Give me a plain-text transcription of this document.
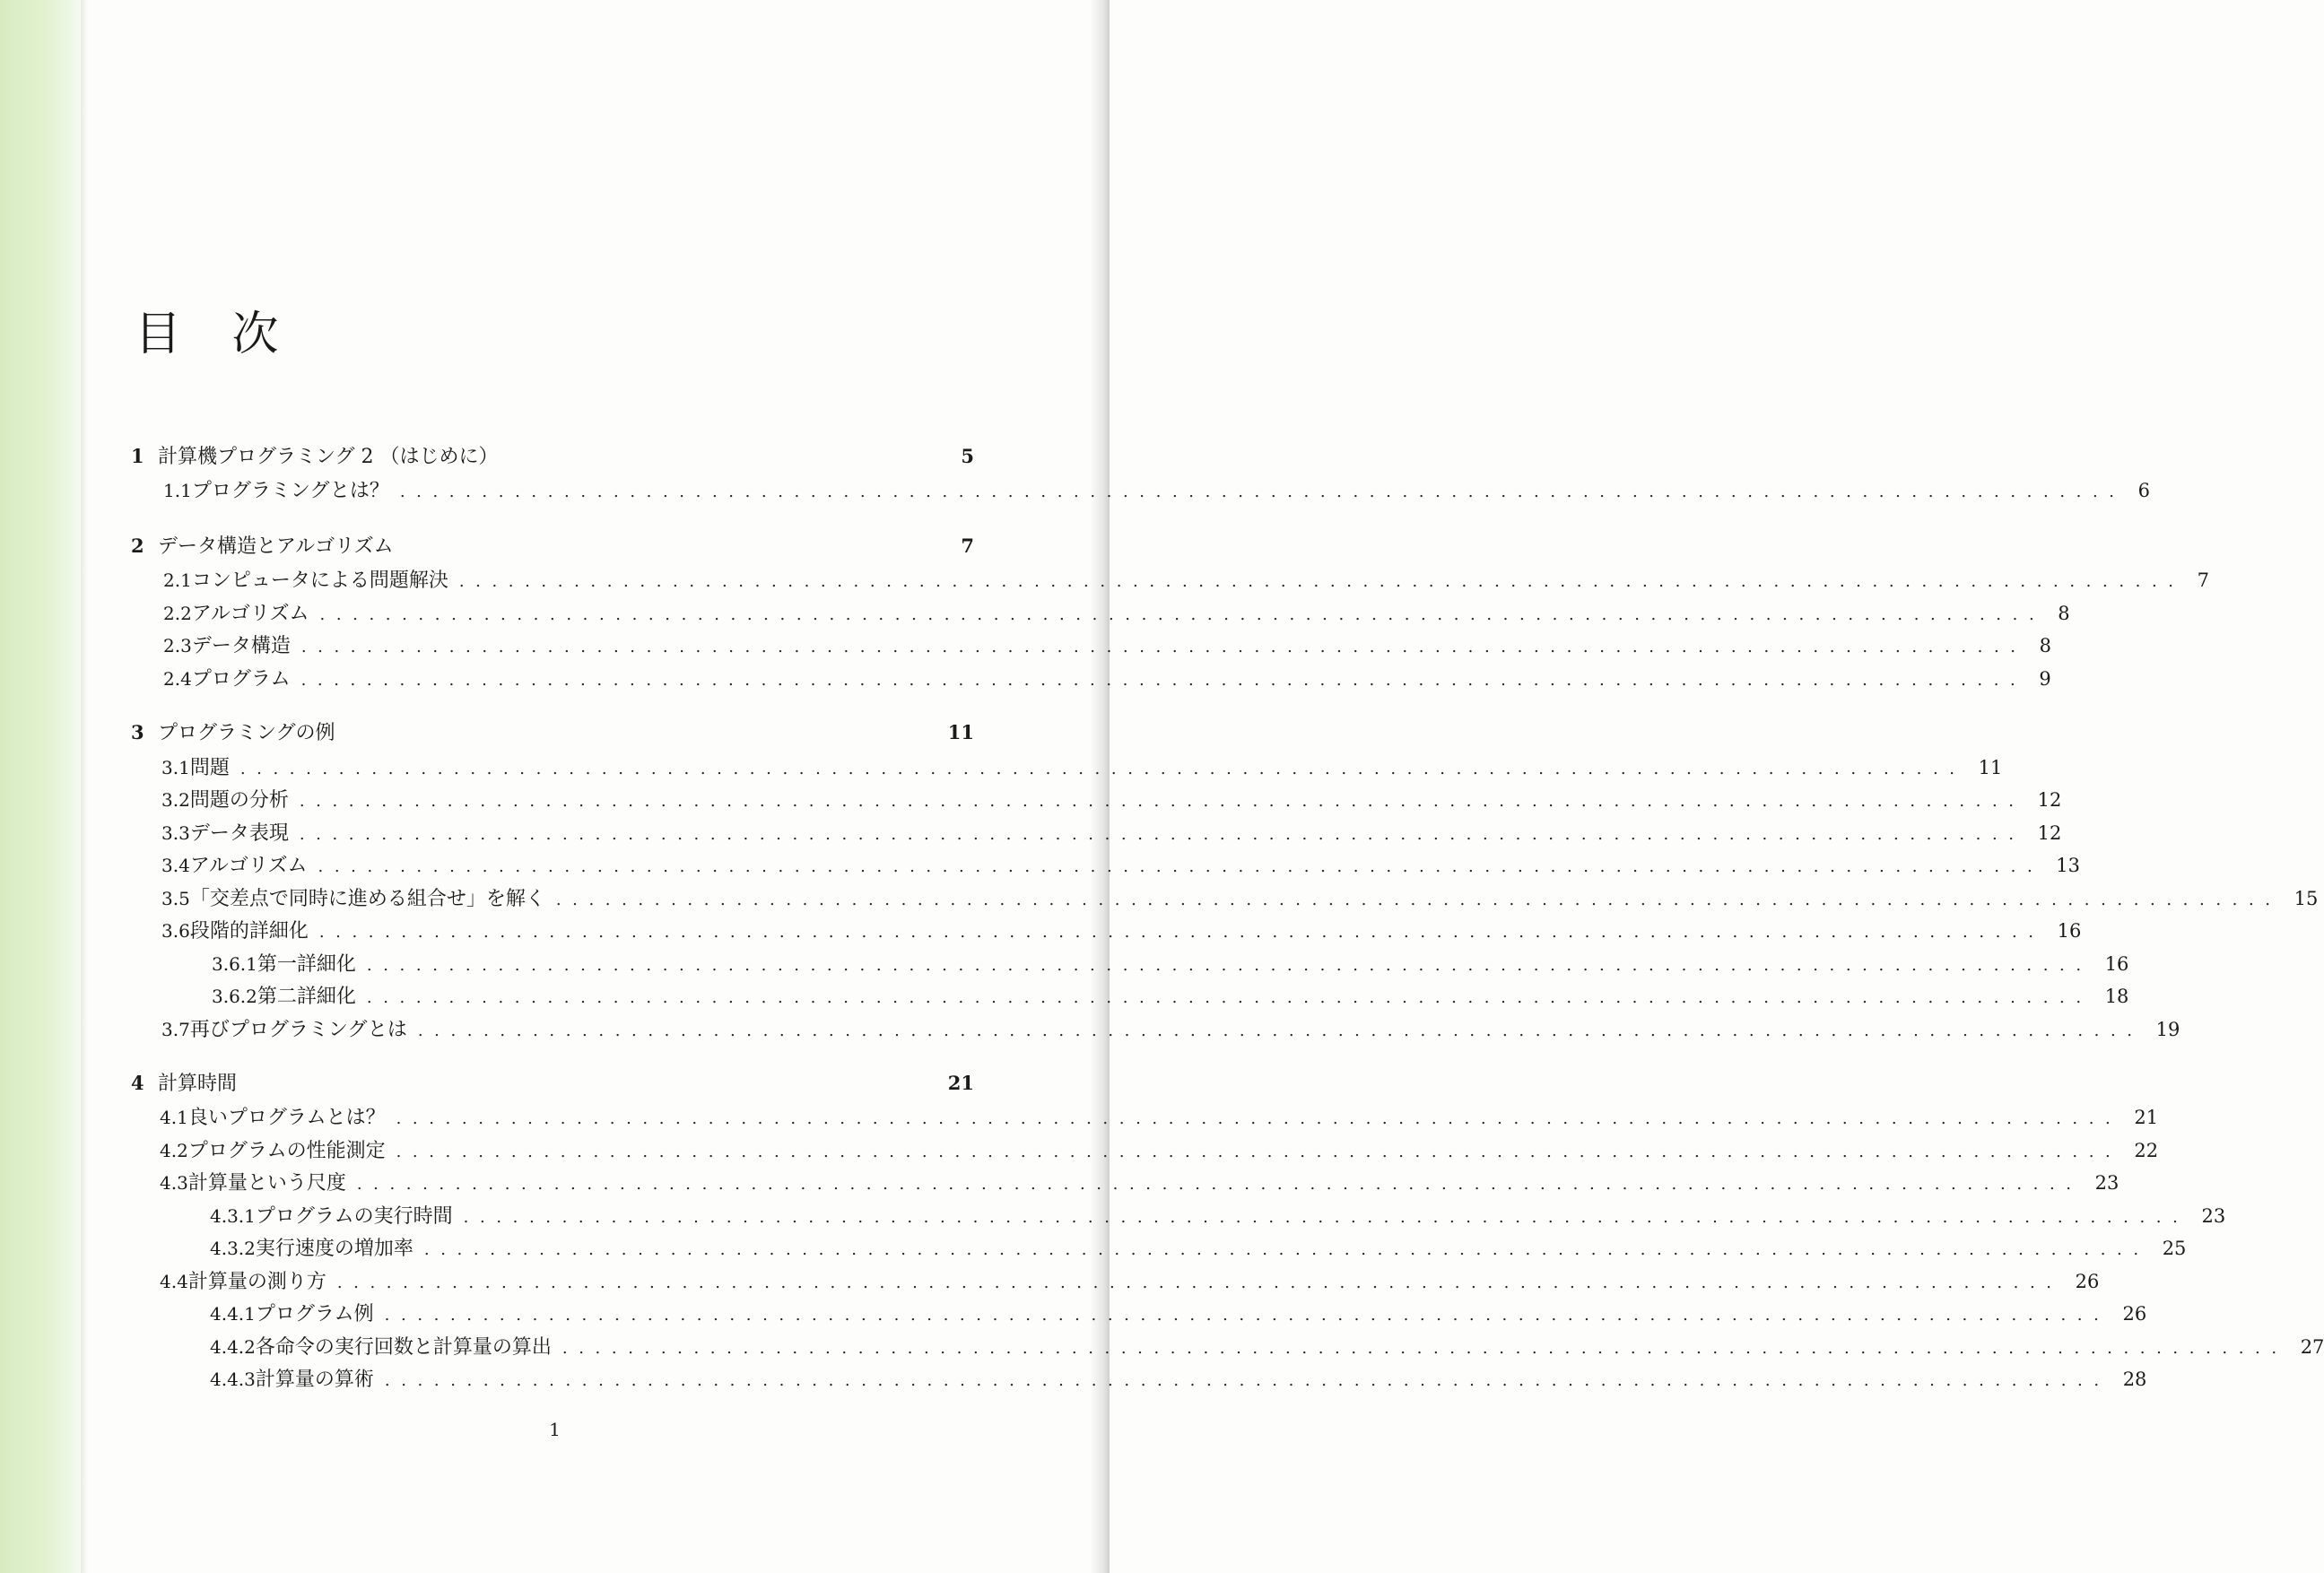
目 次
1 計算機プログラミング 2 （はじめに）	5
1.1 プログラミングとは？ ......................................................................................................... 6
2 データ構造とアルゴリズム	7
2.1 コンピュータによる問題解決 ......................................................................................................... 7
2.2 アルゴリズム ......................................................................................................... 8
2.3 データ構造 ......................................................................................................... 8
2.4 プログラム ......................................................................................................... 9
3 プログラミングの例	11
3.1 問題 ......................................................................................................... 11
3.2 問題の分析 ......................................................................................................... 12
3.3 データ表現 ......................................................................................................... 12
3.4 アルゴリズム ......................................................................................................... 13
3.5 「交差点で同時に進める組合せ」を解く ......................................................................................................... 15
3.6 段階的詳細化 ......................................................................................................... 16
3.6.1 第一詳細化 ......................................................................................................... 16
3.6.2 第二詳細化 ......................................................................................................... 18
3.7 再びプログラミングとは ......................................................................................................... 19
4 計算時間	21
4.1 良いプログラムとは？ ......................................................................................................... 21
4.2 プログラムの性能測定 ......................................................................................................... 22
4.3 計算量という尺度 ......................................................................................................... 23
4.3.1 プログラムの実行時間 ......................................................................................................... 23
4.3.2 実行速度の増加率 ......................................................................................................... 25
4.4 計算量の測り方 ......................................................................................................... 26
4.4.1 プログラム例 ......................................................................................................... 26
4.4.2 各命令の実行回数と計算量の算出 ......................................................................................................... 27
4.4.3 計算量の算術 ......................................................................................................... 28
1
